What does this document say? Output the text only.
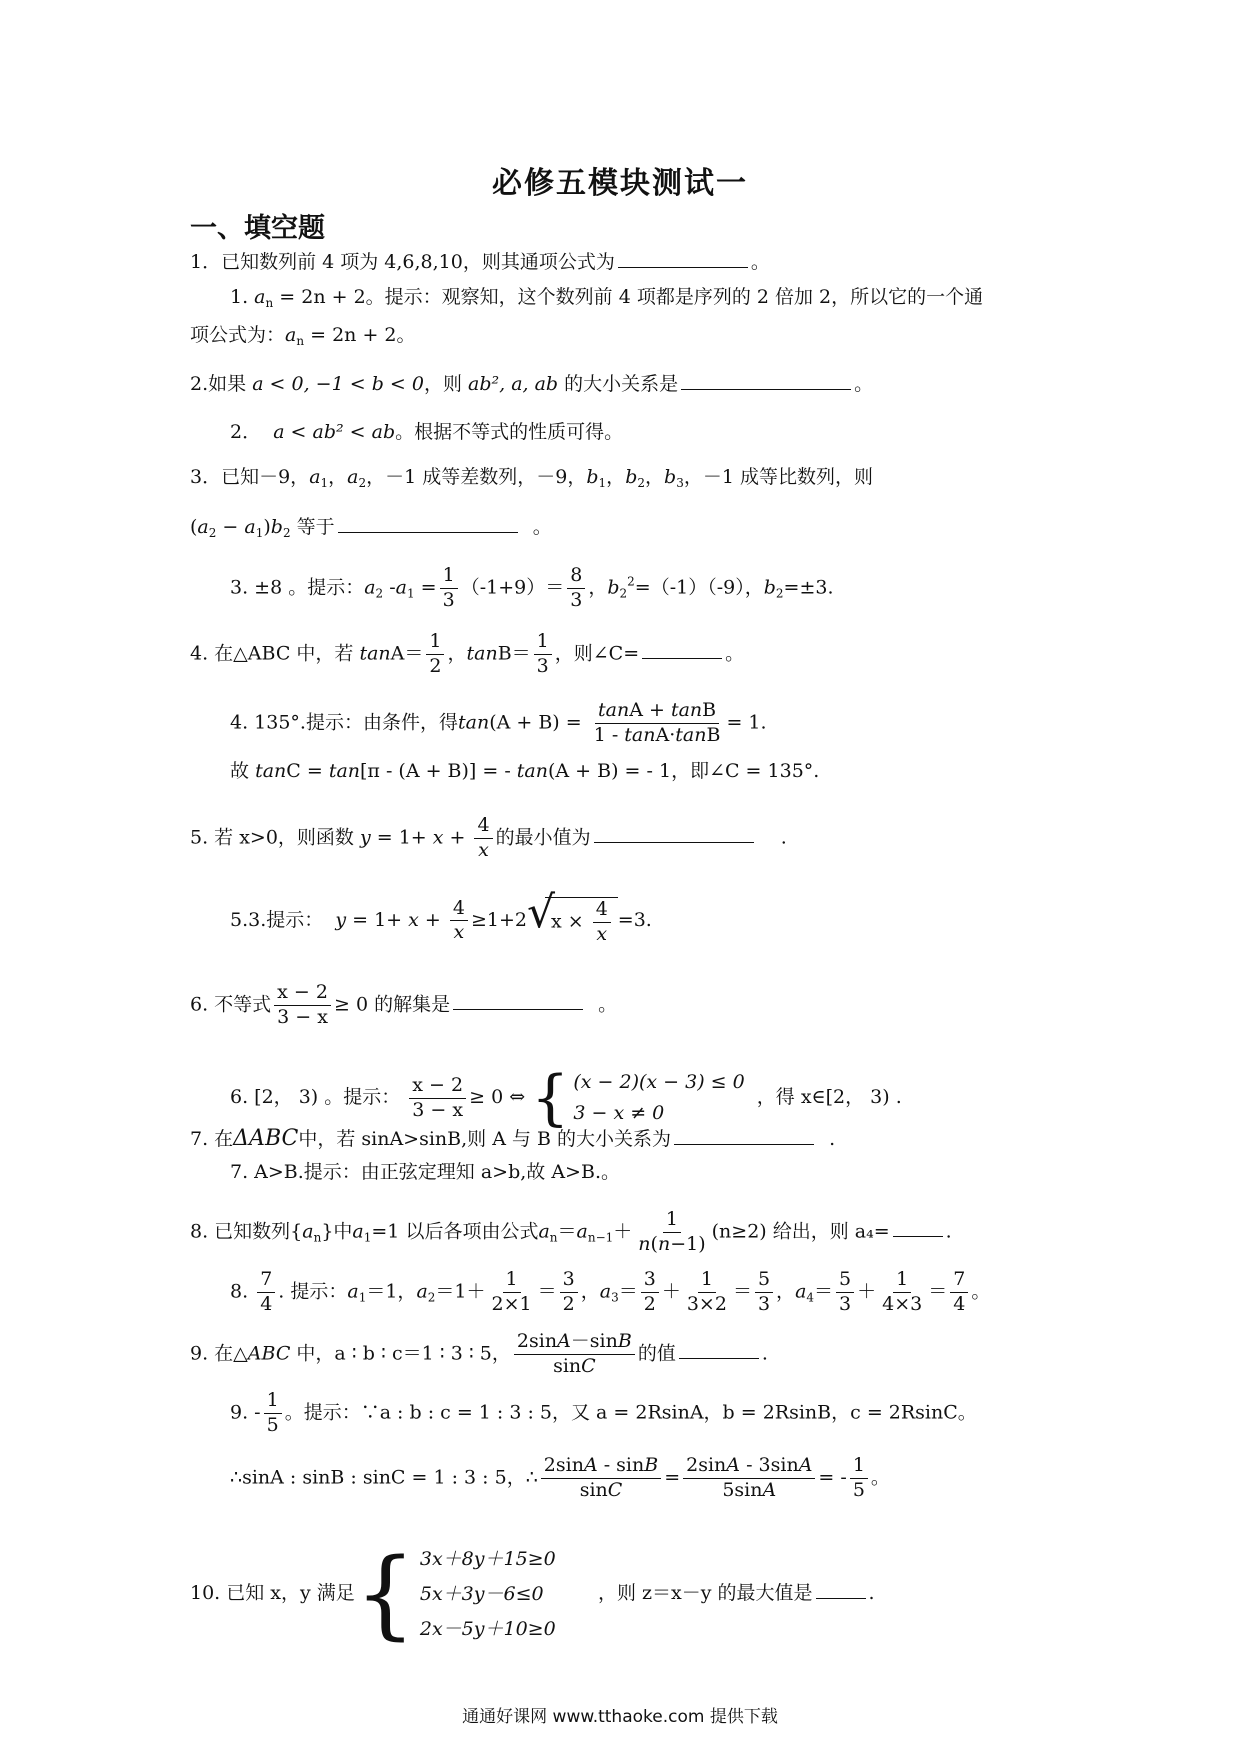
必修五模块测试一
一、填空题
1．已知数列前 4 项为 4,6,8,10，则其通项公式为	。
1. $a_n = 2n + 2$。提示：观察知，这个数列前 4 项都是序列的 2 倍加 2，所以它的一个通
项公式为：$a_n = 2n + 2$。
2.如果 a < 0, −1 < b < 0，则 ab², a, ab 的大小关系是	。
2． a < ab² < ab。根据不等式的性质可得。
3．已知－9，$a_1$，$a_2$，－1 成等差数列，－9，$b_1$，$b_2$，$b_3$，－1 成等比数列，则
$(a_2 - a_1)b_2$ 等于	。
3. ±8 。提示：$a_2$ $-a_1 = \frac{1}{3} (-1+9)= \frac{8}{3}$ ，$b_2^2=(-1)(-9)$，$b_2=\pm 3$.
4. 在△ABC 中，若 $\tan A= \frac{1}{2}$ ，$\tan B= \frac{1}{3}$ ，则∠C=	。
4. 135°.提示：由条件，得$\tan(A + B) = \frac{\tan A + \tan B}{1 - \tan A\cdot\tan B} = 1$.
故 tanC = tan[π - (A + B)] = - tan(A + B) = - 1，即∠C = 135°.
5. 若 x>0，则函数 $y = 1+ x + \frac{4}{x}$ 的最小值为	.
5.3.提示： $y = 1+ x + \frac{4}{x} \ge 1+2$ √
$x \times \frac{4}{x} =3$.
6. 不等式 $\frac{x - 2}{3 - x} \ge 0$ 的解集是	。
6. [2， 3) 。提示： $\frac{x - 2}{3 - x} \ge 0$ ⇔ { (x − 2)(x − 3) ≤ 0
3 − x ≠ 0
，得 x∈[2， 3) .
7. 在ΔABC中，若 sinA>sinB,则 A 与 B 的大小关系为	.
7. A>B.提示：由正弦定理知 a>b,故 A>B.。
8. 已知数列$\{a_n\}$中$a_1=1$ 以后各项由公式$a_n=a_{n-1}+ \frac{1}{n(n-1)} (n\ge 2)$ 给出，则 a₄=	.
8. $\frac{7}{4}$ . 提示：$a_1=1$，$a_2=1+ \frac{1}{2\times 1} = \frac{3}{2}$ ，$a_3= \frac{3}{2} + \frac{1}{3\times 2} = \frac{5}{3}$ ，$a_4= \frac{5}{3} + \frac{1}{4\times 3} = \frac{7}{4}$ 。
9. 在△ABC 中，a ∶ b ∶ c＝1 ∶ 3 ∶ 5， $\frac{2\sin A-\sin B}{\sin C}$ 的值	.
9. - $\frac{1}{5}$ 。提示：∵a : b : c = 1 : 3 : 5，又 a = 2RsinA，b = 2RsinB，c = 2RsinC。
∴sinA : sinB : sinC = 1 : 3 : 5，∴ $\frac{2\sin A - \sin B}{\sin C} = \frac{2\sin A - 3\sin A}{5\sin A}$ = - $\frac{1}{5}$ 。
10. 已知 x，y 满足 { 3x＋8y＋15≥0
5x＋3y－6≤0
2x－5y＋10≥0
，则 z＝x－y 的最大值是	.
通通好课网 www.tthaoke.com 提供下载
